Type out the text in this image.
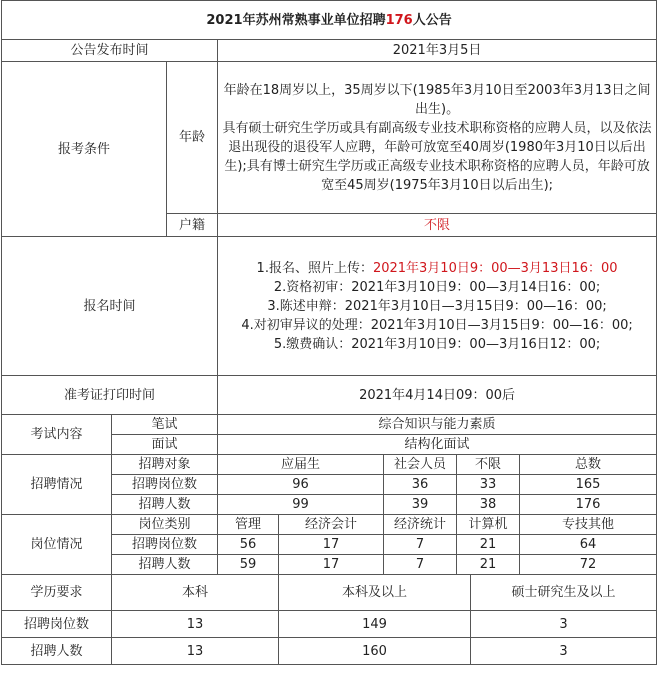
2021年苏州常熟事业单位招聘176人公告								
公告发布时间			2021年3月5日					
报考条件		年龄	年龄在18周岁以上，35周岁以下(1985年3月10日至2003年3月13日之间出生)。
具有硕士研究生学历或具有副高级专业技术职称资格的应聘人员，以及依法退出现役的退役军人应聘，年龄可放宽至40周岁(1980年3月10日以后出生);具有博士研究生学历或正高级专业技术职称资格的应聘人员，年龄可放宽至45周岁(1975年3月10日以后出生);					

		户籍	不限					
报名时间			1.报名、照片上传：2021年3月10日9：00—3月13日16：00
2.资格初审：2021年3月10日9：00—3月14日16：00;
3.陈述申辩：2021年3月10日—3月15日9：00—16：00;
4.对初审异议的处理：2021年3月10日—3月15日9：00—16：00;
5.缴费确认：2021年3月10日9：00—3月16日12：00;					

准考证打印时间			2021年4月14日09：00后					
考试内容	笔试		综合知识与能力素质					
	面试		结构化面试					
招聘情况	招聘对象		应届生		社会人员	不限		总数
	招聘岗位数		96		36	33		165
	招聘人数		99		39	38		176
岗位情况	岗位类别		管理	经济会计	经济统计	计算机		专技其他
	招聘岗位数		56	17	7	21		64
	招聘人数		59	17	7	21		72
学历要求	本科			本科及以上			硕士研究生及以上	
招聘岗位数	13			149			3	
招聘人数	13			160			3	
